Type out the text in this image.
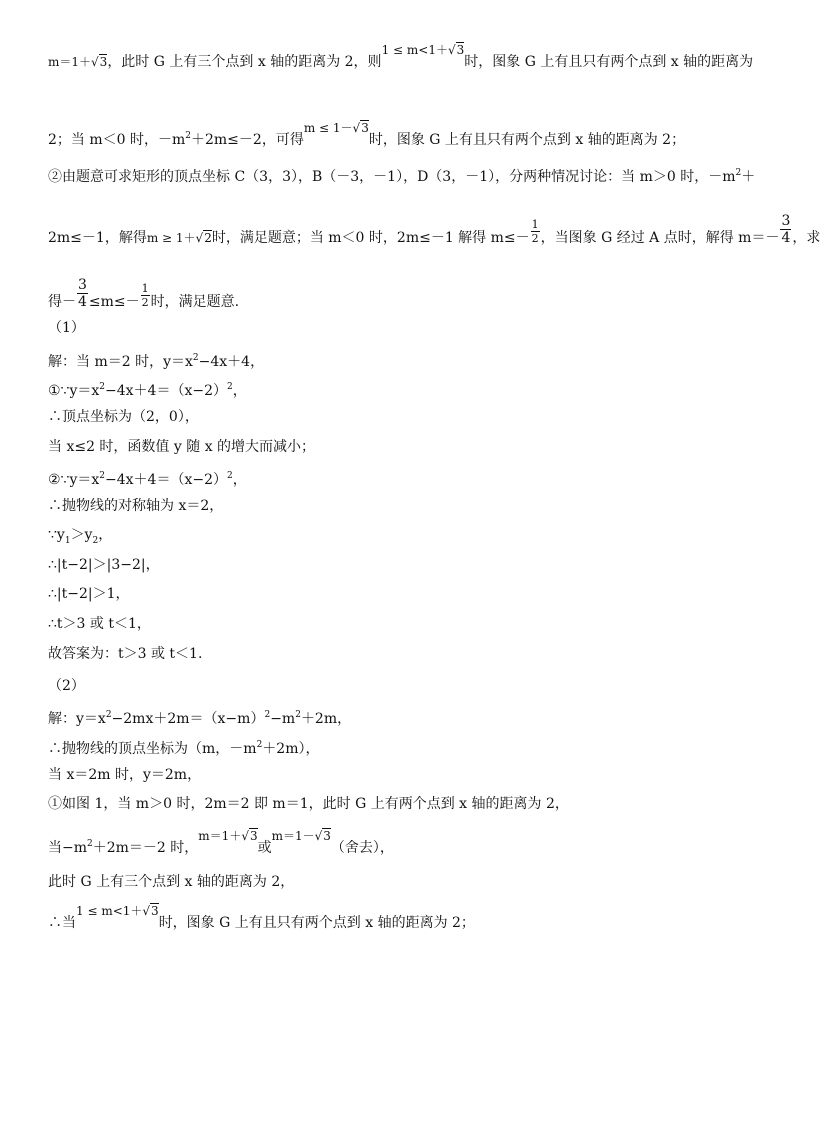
m＝1＋√3，此时 G 上有三个点到 x 轴的距离为 2，则1 ≤ m<1＋√3时，图象 G 上有且只有两个点到 x 轴的距离为
2；当 m＜0 时，$-m^2+2m\le-2$，可得m ≤ 1－√3时，图象 G 上有且只有两个点到 x 轴的距离为 2；
②由题意可求矩形的顶点坐标 C（3，3），B（－3，－1），D（3，－1），分两种情况讨论：当 m＞0 时，$-m^2+$
2m≤－1，解得m ≥ 1＋√2时，满足题意；当 m＜0 时，2m≤－1 解得 $m\le- \frac{1}{2}$ ，当图象 G 经过 A 点时，解得 $m=- \frac{3}{4}$ ，求
得－ $\frac{3}{4} \le m\le- \frac{1}{2}$ 时，满足题意.
（1）
解：当 m＝2 时，$y=x^2-4x+4$，
$①\because y=x^2-4x+4=(x-2)^2$，
∴顶点坐标为（2，0），
当 x≤2 时，函数值 y 随 x 的增大而减小；
$②\because y=x^2-4x+4=(x-2)^2$，
∴抛物线的对称轴为 x＝2，
$\because y_1>y_2$，
∴|t−2|＞|3−2|，
∴|t−2|＞1，
∴t＞3 或 t＜1，
故答案为：t＞3 或 t＜1.
（2）
解：$y=x^2-2mx+2m=(x-m)^2-m^2+2m$，
∴抛物线的顶点坐标为（m，$-m^2+2m$），
当 x＝2m 时，y＝2m，
①如图 1，当 m＞0 时，2m＝2 即 m＝1，此时 G 上有两个点到 x 轴的距离为 2，
当$-m^2+2m=-2$ 时，m＝1＋√3或m＝1－√3（舍去），
此时 G 上有三个点到 x 轴的距离为 2，
∴当1 ≤ m<1＋√3时，图象 G 上有且只有两个点到 x 轴的距离为 2；
